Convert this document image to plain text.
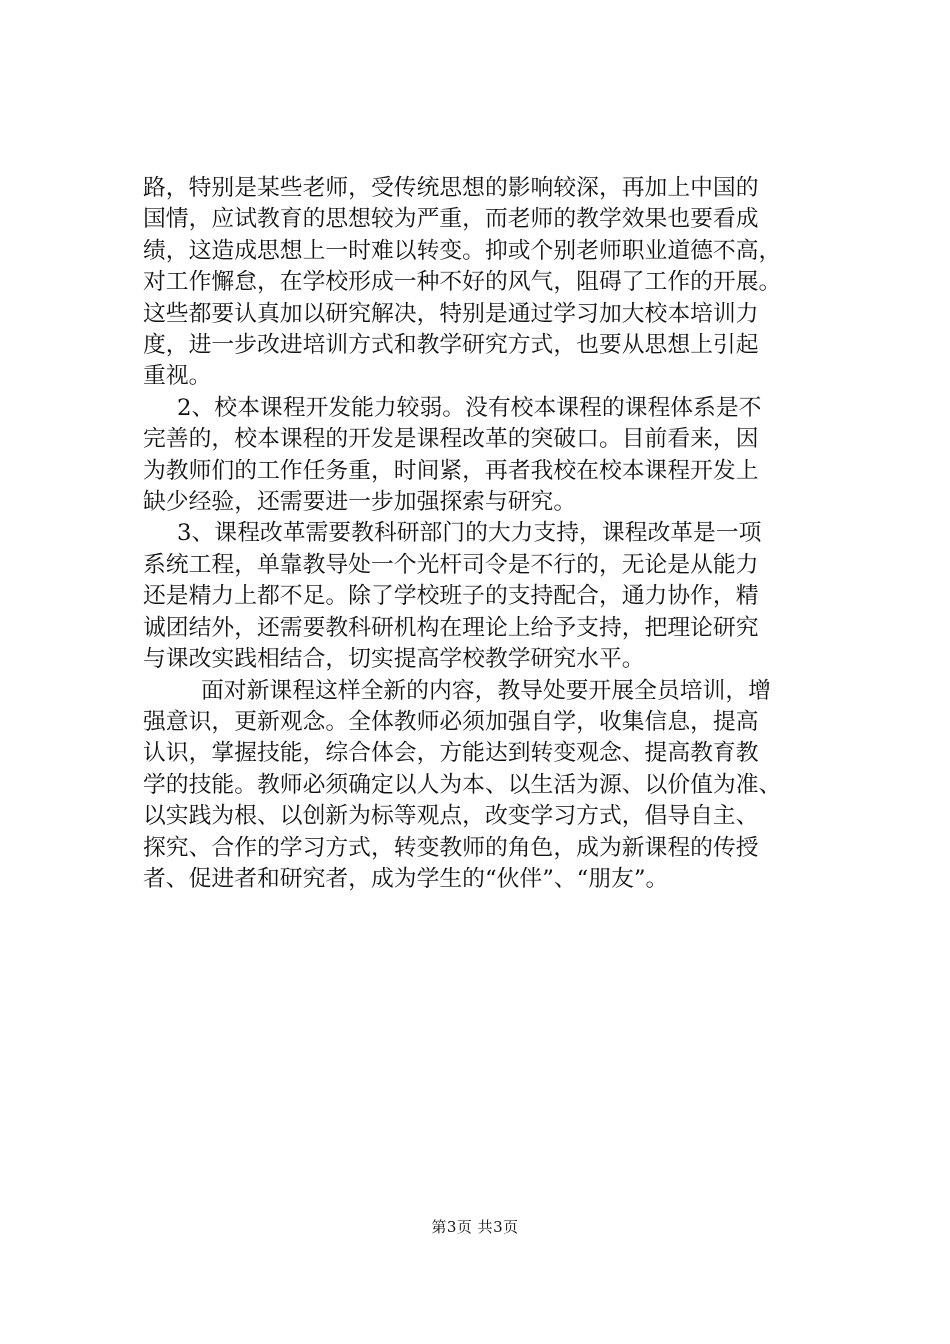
路，特别是某些老师，受传统思想的影响较深，再加上中国的
国情，应试教育的思想较为严重，而老师的教学效果也要看成
绩，这造成思想上一时难以转变。抑或个别老师职业道德不高，
对工作懈怠，在学校形成一种不好的风气，阻碍了工作的开展。
这些都要认真加以研究解决，特别是通过学习加大校本培训力
度，进一步改进培训方式和教学研究方式，也要从思想上引起
重视。

2、校本课程开发能力较弱。没有校本课程的课程体系是不
完善的，校本课程的开发是课程改革的突破口。目前看来，因
为教师们的工作任务重，时间紧，再者我校在校本课程开发上
缺少经验，还需要进一步加强探索与研究。

3、课程改革需要教科研部门的大力支持，课程改革是一项
系统工程，单靠教导处一个光杆司令是不行的，无论是从能力
还是精力上都不足。除了学校班子的支持配合，通力协作，精
诚团结外，还需要教科研机构在理论上给予支持，把理论研究
与课改实践相结合，切实提高学校教学研究水平。

面对新课程这样全新的内容，教导处要开展全员培训，增
强意识，更新观念。全体教师必须加强自学，收集信息，提高
认识，掌握技能，综合体会，方能达到转变观念、提高教育教
学的技能。教师必须确定以人为本、以生活为源、以价值为准、
以实践为根、以创新为标等观点，改变学习方式，倡导自主、
探究、合作的学习方式，转变教师的角色，成为新课程的传授
者、促进者和研究者，成为学生的“伙伴”、“朋友”。

第3页 共3页
